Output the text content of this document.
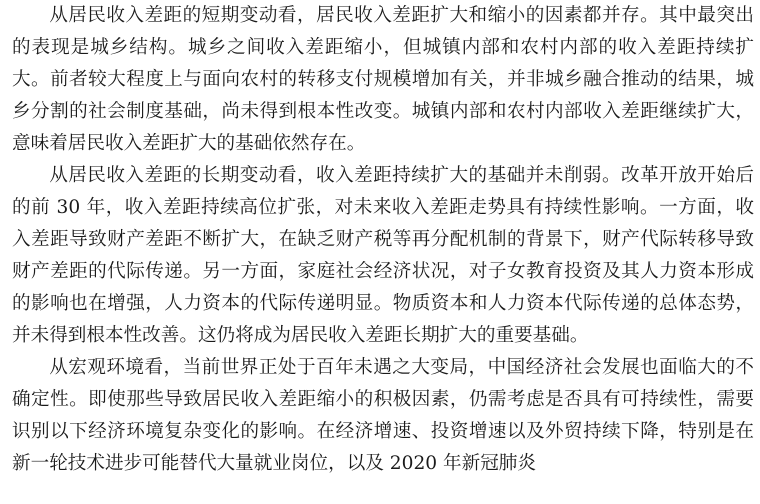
从居民收入差距的短期变动看，居民收入差距扩大和缩小的因素都并存。其中最突出的表现是城乡结构。城乡之间收入差距缩小，但城镇内部和农村内部的收入差距持续扩大。前者较大程度上与面向农村的转移支付规模增加有关，并非城乡融合推动的结果，城乡分割的社会制度基础，尚未得到根本性改变。城镇内部和农村内部收入差距继续扩大，意味着居民收入差距扩大的基础依然存在。

从居民收入差距的长期变动看，收入差距持续扩大的基础并未削弱。改革开放开始后的前 30 年，收入差距持续高位扩张，对未来收入差距走势具有持续性影响。一方面，收入差距导致财产差距不断扩大，在缺乏财产税等再分配机制的背景下，财产代际转移导致财产差距的代际传递。另一方面，家庭社会经济状况，对子女教育投资及其人力资本形成的影响也在增强，人力资本的代际传递明显。物质资本和人力资本代际传递的总体态势，并未得到根本性改善。这仍将成为居民收入差距长期扩大的重要基础。

从宏观环境看，当前世界正处于百年未遇之大变局，中国经济社会发展也面临大的不确定性。即使那些导致居民收入差距缩小的积极因素，仍需考虑是否具有可持续性，需要识别以下经济环境复杂变化的影响。在经济增速、投资增速以及外贸持续下降，特别是在新一轮技术进步可能替代大量就业岗位，以及 2020 年新冠肺炎
